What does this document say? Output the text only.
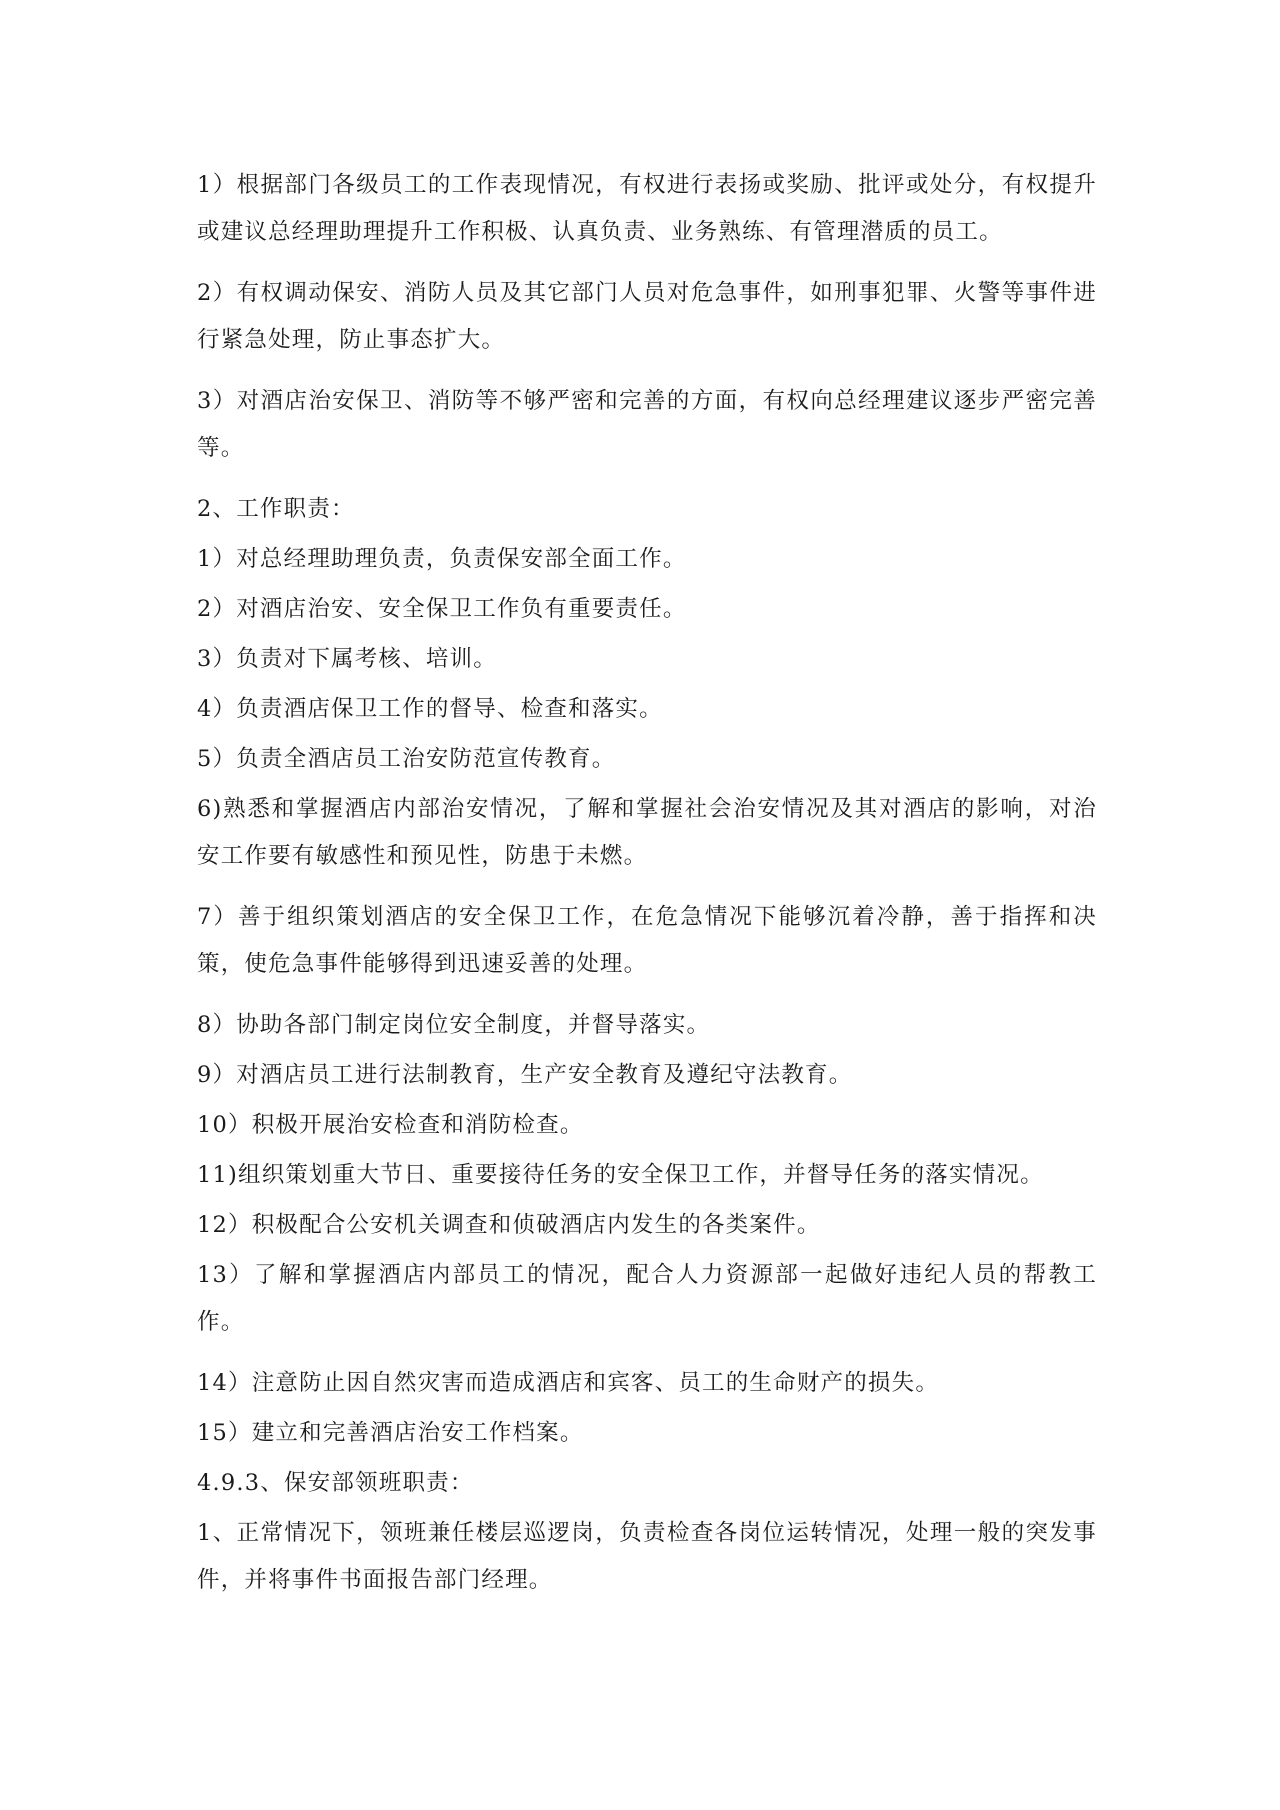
1）根据部门各级员工的工作表现情况，有权进行表扬或奖励、批评或处分，有权提升或建议总经理助理提升工作积极、认真负责、业务熟练、有管理潜质的员工。

2）有权调动保安、消防人员及其它部门人员对危急事件，如刑事犯罪、火警等事件进行紧急处理，防止事态扩大。

3）对酒店治安保卫、消防等不够严密和完善的方面，有权向总经理建议逐步严密完善等。

2、工作职责：

1）对总经理助理负责，负责保安部全面工作。

2）对酒店治安、安全保卫工作负有重要责任。

3）负责对下属考核、培训。

4）负责酒店保卫工作的督导、检查和落实。

5）负责全酒店员工治安防范宣传教育。

6)熟悉和掌握酒店内部治安情况，了解和掌握社会治安情况及其对酒店的影响，对治安工作要有敏感性和预见性，防患于未燃。

7）善于组织策划酒店的安全保卫工作，在危急情况下能够沉着冷静，善于指挥和决策，使危急事件能够得到迅速妥善的处理。

8）协助各部门制定岗位安全制度，并督导落实。

9）对酒店员工进行法制教育，生产安全教育及遵纪守法教育。

10）积极开展治安检查和消防检查。

11)组织策划重大节日、重要接待任务的安全保卫工作，并督导任务的落实情况。

12）积极配合公安机关调查和侦破酒店内发生的各类案件。

13）了解和掌握酒店内部员工的情况，配合人力资源部一起做好违纪人员的帮教工作。

14）注意防止因自然灾害而造成酒店和宾客、员工的生命财产的损失。

15）建立和完善酒店治安工作档案。

4.9.3、保安部领班职责：

1、正常情况下，领班兼任楼层巡逻岗，负责检查各岗位运转情况，处理一般的突发事件，并将事件书面报告部门经理。
